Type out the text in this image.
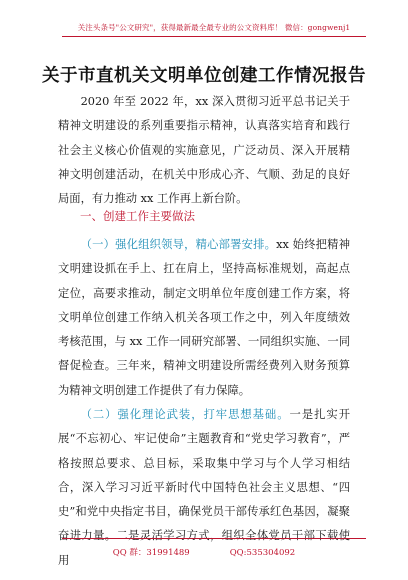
关注头条号"公文研究"，获得最新最全最专业的公文资料库！ 微信：gongwenj1
关于市直机关文明单位创建工作情况报告
2020 年至 2022 年，xx 深入贯彻习近平总书记关于精神文明建设的系列重要指示精神，认真落实培育和践行社会主义核心价值观的实施意见，广泛动员、深入开展精神文明创建活动，在机关中形成心齐、气顺、劲足的良好局面，有力推动 xx 工作再上新台阶。
一、创建工作主要做法
（一）强化组织领导，精心部署安排。xx 始终把精神文明建设抓在手上、扛在肩上，坚持高标准规划，高起点定位，高要求推动，制定文明单位年度创建工作方案，将文明单位创建工作纳入机关各项工作之中，列入年度绩效考核范围，与 xx 工作一同研究部署、一同组织实施、一同督促检查。三年来，精神文明建设所需经费列入财务预算为精神文明创建工作提供了有力保障。
（二）强化理论武装，打牢思想基础。一是扎实开展“不忘初心、牢记使命”主题教育和“党史学习教育”，严格按照总要求、总目标，采取集中学习与个人学习相结合，深入学习习近平新时代中国特色社会主义思想、“四史”和党中央指定书目，确保党员干部传承红色基因，凝聚奋进力量。二是灵活学习方式，组织全体党员干部下载使用
QQ 群：31991489	QQ:535304092
